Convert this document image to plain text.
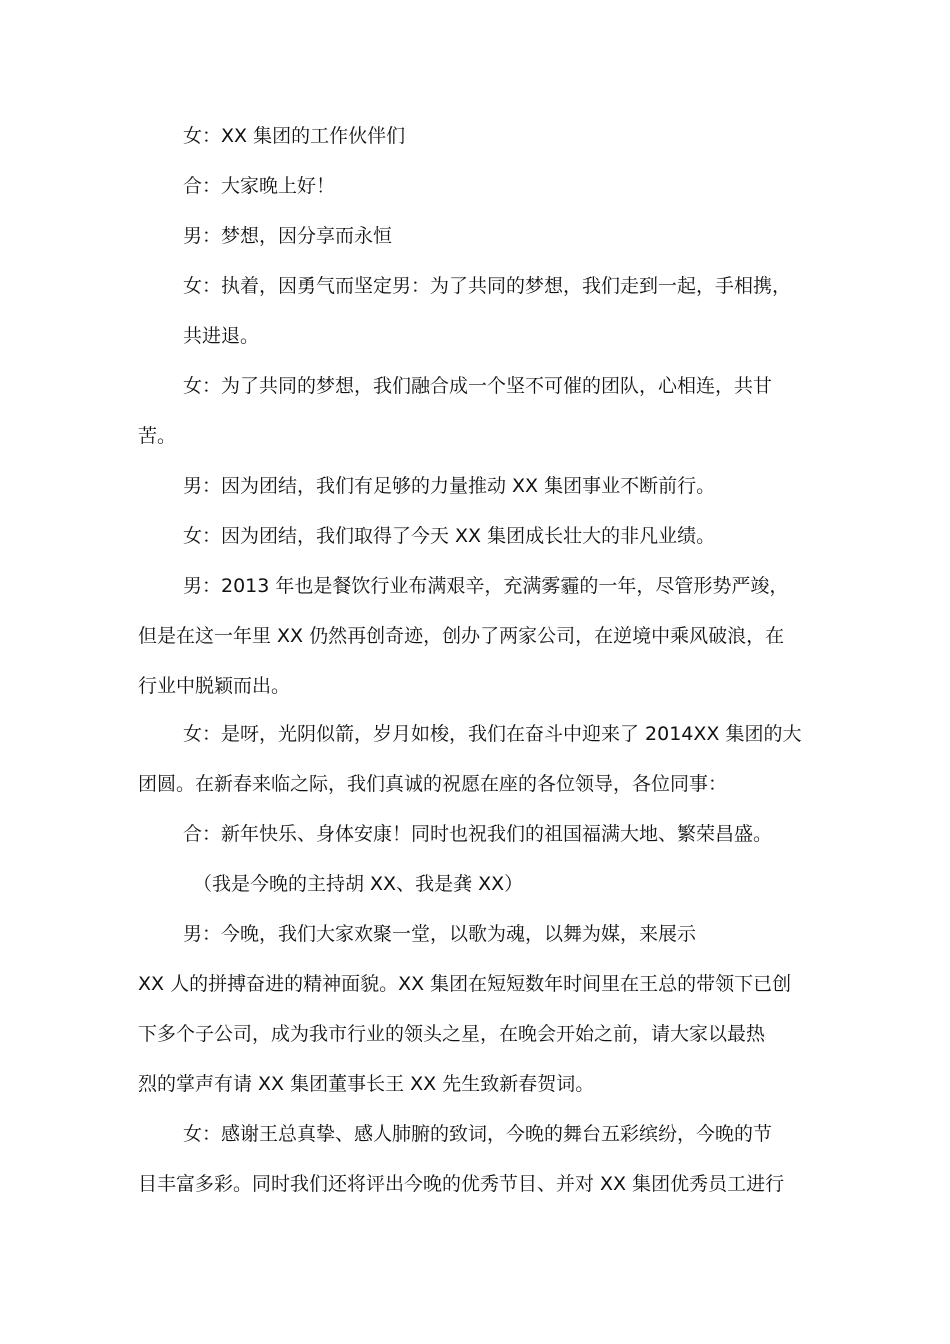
女：XX 集团的工作伙伴们
合：大家晚上好！
男：梦想，因分享而永恒
女：执着，因勇气而坚定男：为了共同的梦想，我们走到一起，手相携，
共进退。
女：为了共同的梦想，我们融合成一个坚不可催的团队，心相连，共甘
苦。
男：因为团结，我们有足够的力量推动 XX 集团事业不断前行。
女：因为团结，我们取得了今天 XX 集团成长壮大的非凡业绩。
男：2013 年也是餐饮行业布满艰辛，充满雾霾的一年，尽管形势严竣，
但是在这一年里 XX 仍然再创奇迹，创办了两家公司，在逆境中乘风破浪，在
行业中脱颖而出。
女：是呀，光阴似箭，岁月如梭，我们在奋斗中迎来了 2014XX 集团的大
团圆。在新春来临之际，我们真诚的祝愿在座的各位领导，各位同事：
合：新年快乐、身体安康！同时也祝我们的祖国福满大地、繁荣昌盛。
（我是今晚的主持胡 XX、我是龚 XX）
男：今晚，我们大家欢聚一堂，以歌为魂，以舞为媒，来展示
XX 人的拼搏奋进的精神面貌。XX 集团在短短数年时间里在王总的带领下已创
下多个子公司，成为我市行业的领头之星，在晚会开始之前，请大家以最热
烈的掌声有请 XX 集团董事长王 XX 先生致新春贺词。
女：感谢王总真挚、感人肺腑的致词，今晚的舞台五彩缤纷，今晚的节
目丰富多彩。同时我们还将评出今晚的优秀节目、并对 XX 集团优秀员工进行
